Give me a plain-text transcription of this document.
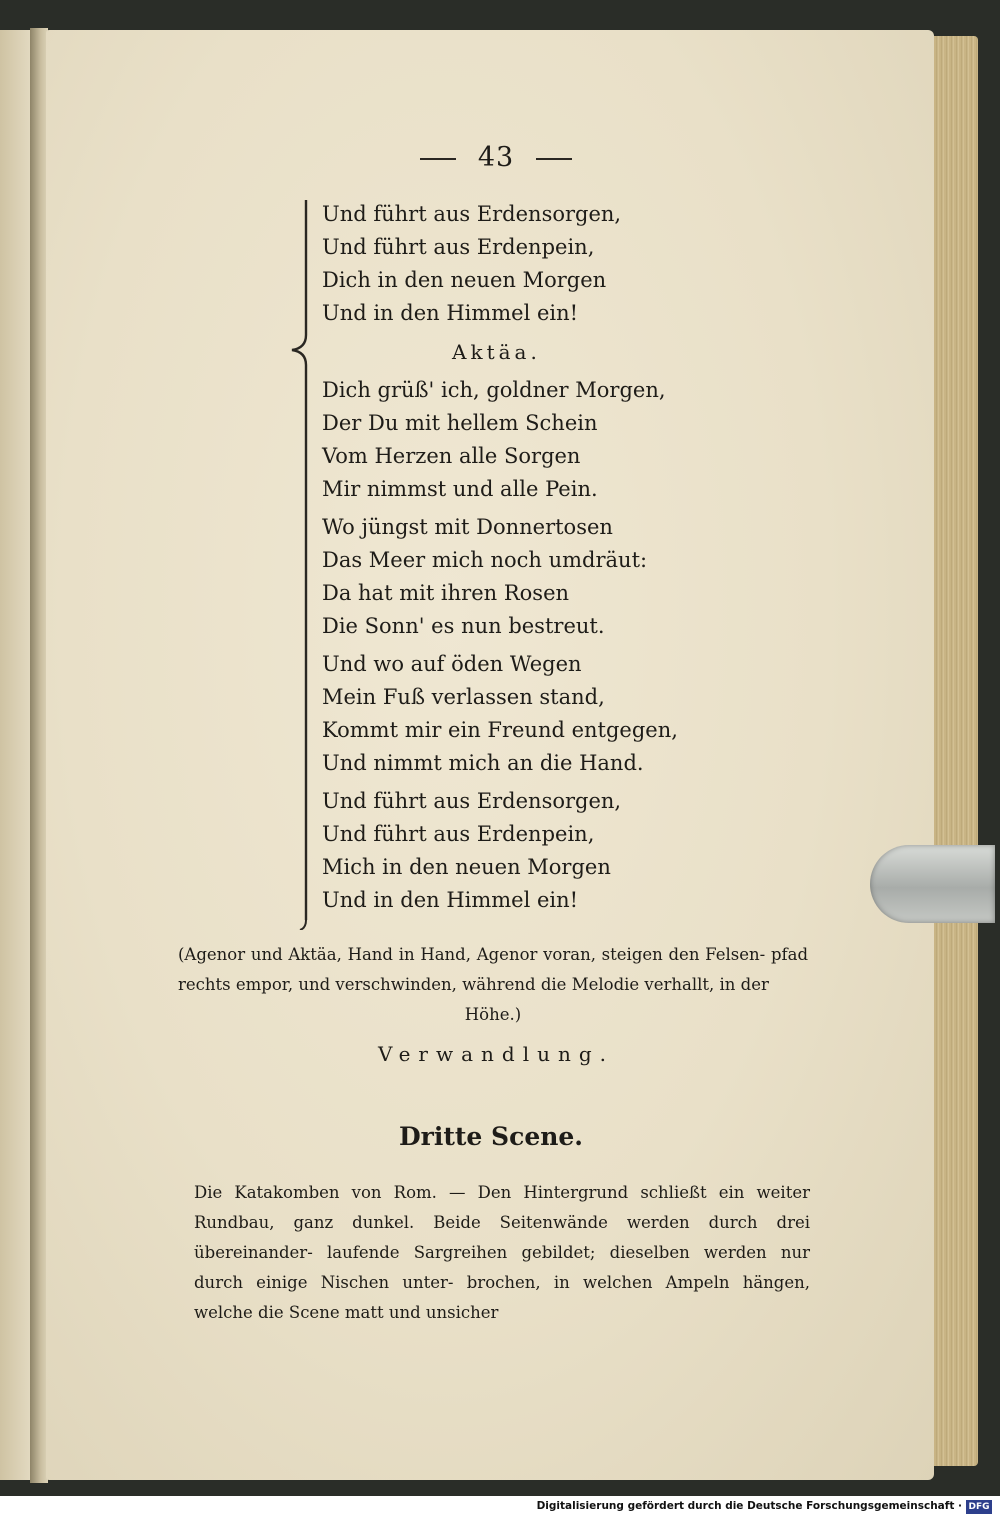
43
Und führt aus Erdensorgen,
Und führt aus Erdenpein,
Dich in den neuen Morgen
Und in den Himmel ein!
Aktäa.
Dich grüß' ich, goldner Morgen,
Der Du mit hellem Schein
Vom Herzen alle Sorgen
Mir nimmst und alle Pein.
Wo jüngst mit Donnertosen
Das Meer mich noch umdräut:
Da hat mit ihren Rosen
Die Sonn' es nun bestreut.
Und wo auf öden Wegen
Mein Fuß verlassen stand,
Kommt mir ein Freund entgegen,
Und nimmt mich an die Hand.
Und führt aus Erdensorgen,
Und führt aus Erdenpein,
Mich in den neuen Morgen
Und in den Himmel ein!
(Agenor und Aktäa, Hand in Hand, Agenor voran, steigen den Felsen- pfad rechts empor, und verschwinden, während die Melodie verhallt, in der
Höhe.)
Verwandlung.
Dritte Scene.
Die Katakomben von Rom. — Den Hintergrund schließt ein weiter Rundbau, ganz dunkel. Beide Seitenwände werden durch drei übereinander- laufende Sargreihen gebildet; dieselben werden nur durch einige Nischen unter- brochen, in welchen Ampeln hängen, welche die Scene matt und unsicher
Digitalisierung gefördert durch die Deutsche Forschungsgemeinschaft · DFG
